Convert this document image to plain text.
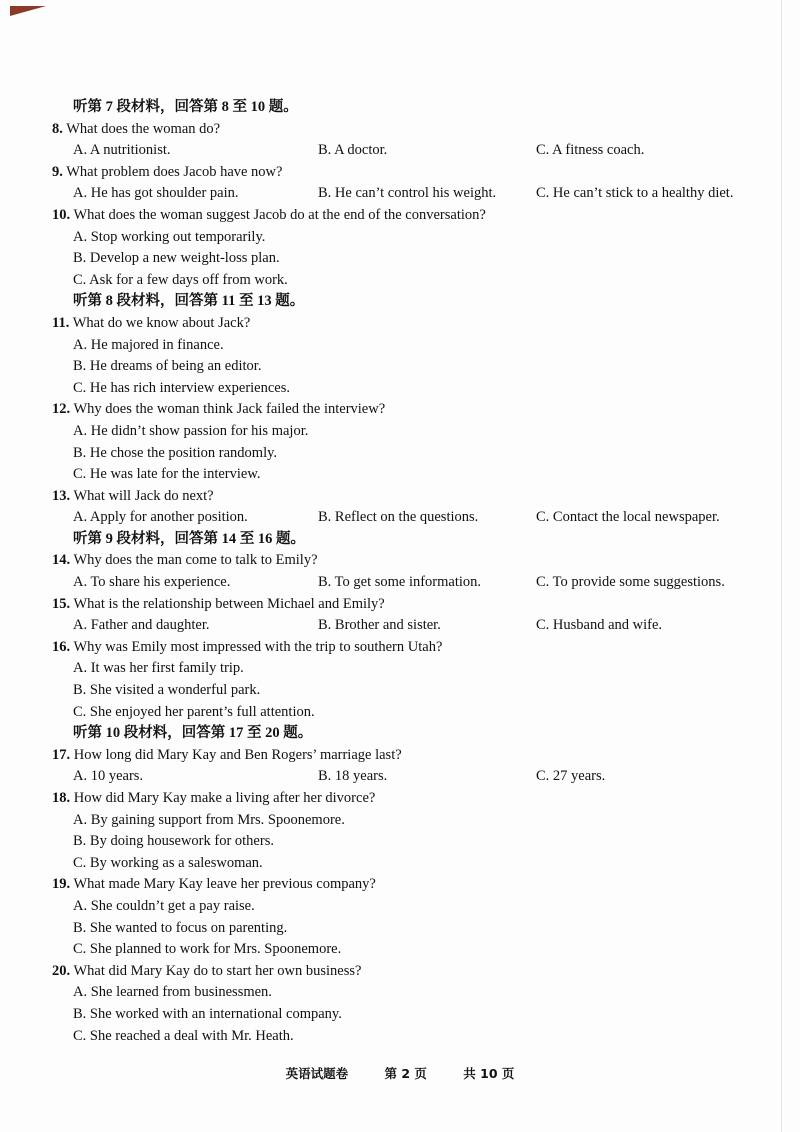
听第 7 段材料，回答第 8 至 10 题。
8. What does the woman do?
A. A nutritionist.	B. A doctor.	C. A fitness coach.
9. What problem does Jacob have now?
A. He has got shoulder pain.	B. He can’t control his weight.	C. He can’t stick to a healthy diet.
10. What does the woman suggest Jacob do at the end of the conversation?
A. Stop working out temporarily.
B. Develop a new weight-loss plan.
C. Ask for a few days off from work.
听第 8 段材料，回答第 11 至 13 题。
11. What do we know about Jack?
A. He majored in finance.
B. He dreams of being an editor.
C. He has rich interview experiences.
12. Why does the woman think Jack failed the interview?
A. He didn’t show passion for his major.
B. He chose the position randomly.
C. He was late for the interview.
13. What will Jack do next?
A. Apply for another position.	B. Reflect on the questions.	C. Contact the local newspaper.
听第 9 段材料，回答第 14 至 16 题。
14. Why does the man come to talk to Emily?
A. To share his experience.	B. To get some information.	C. To provide some suggestions.
15. What is the relationship between Michael and Emily?
A. Father and daughter.	B. Brother and sister.	C. Husband and wife.
16. Why was Emily most impressed with the trip to southern Utah?
A. It was her first family trip.
B. She visited a wonderful park.
C. She enjoyed her parent’s full attention.
听第 10 段材料，回答第 17 至 20 题。
17. How long did Mary Kay and Ben Rogers’ marriage last?
A. 10 years.	B. 18 years.	C. 27 years.
18. How did Mary Kay make a living after her divorce?
A. By gaining support from Mrs. Spoonemore.
B. By doing housework for others.
C. By working as a saleswoman.
19. What made Mary Kay leave her previous company?
A. She couldn’t get a pay raise.
B. She wanted to focus on parenting.
C. She planned to work for Mrs. Spoonemore.
20. What did Mary Kay do to start her own business?
A. She learned from businessmen.
B. She worked with an international company.
C. She reached a deal with Mr. Heath.
英语试题卷	第 2 页	共 10 页
